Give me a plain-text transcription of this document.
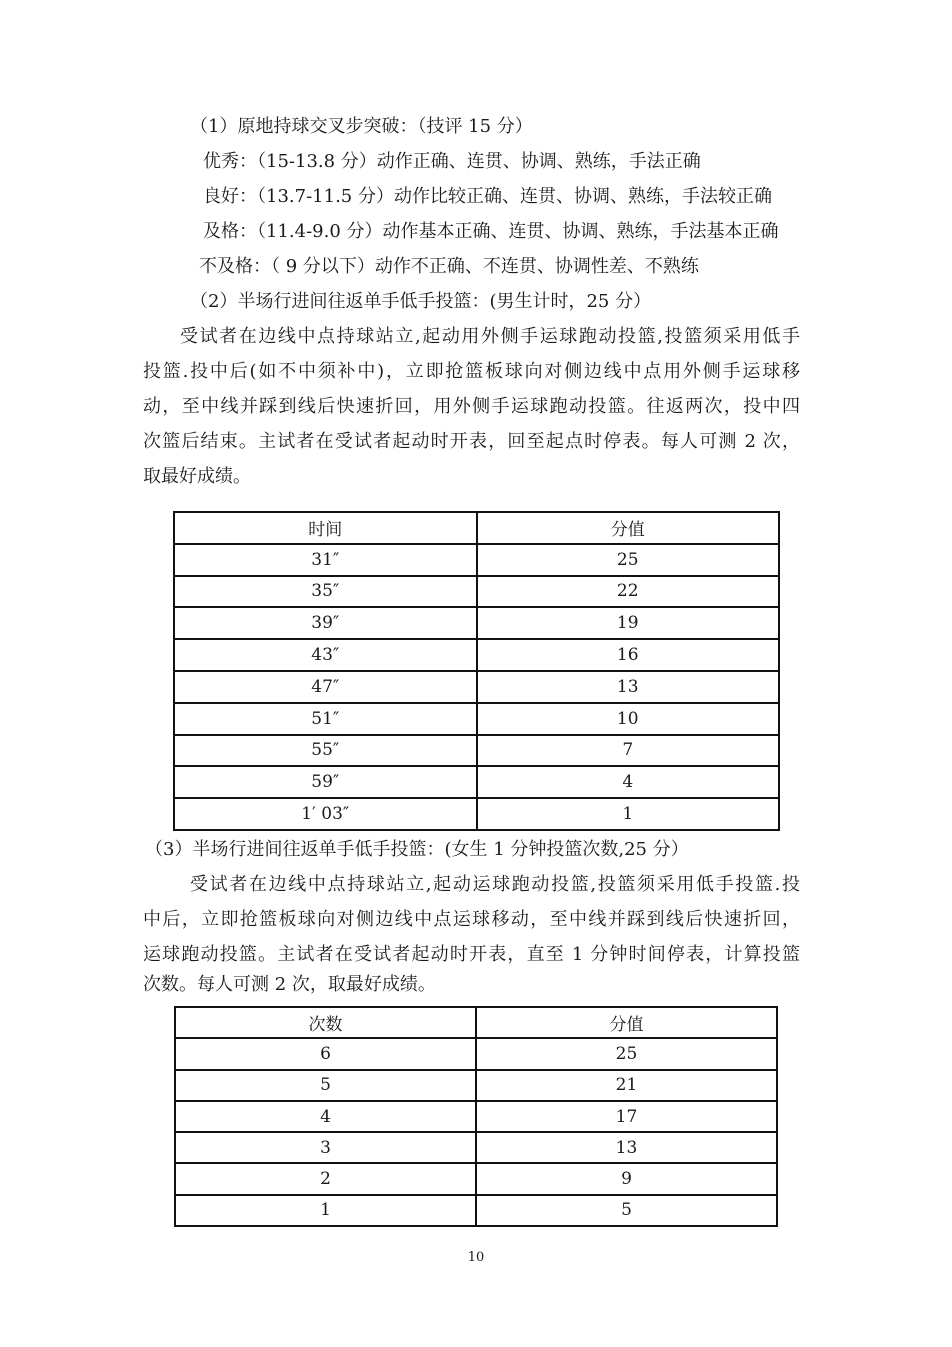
（1）原地持球交叉步突破：（技评 15 分）
优秀：（15-13.8 分）动作正确、连贯、协调、熟练，手法正确
良好：（13.7-11.5 分）动作比较正确、连贯、协调、熟练，手法较正确
及格：（11.4-9.0 分）动作基本正确、连贯、协调、熟练，手法基本正确
不及格：（ 9 分以下）动作不正确、不连贯、协调性差、不熟练
（2）半场行进间往返单手低手投篮：(男生计时，25 分）
受试者在边线中点持球站立,起动用外侧手运球跑动投篮,投篮须采用低手
投篮.投中后(如不中须补中)，立即抢篮板球向对侧边线中点用外侧手运球移
动，至中线并踩到线后快速折回，用外侧手运球跑动投篮。往返两次，投中四
次篮后结束。主试者在受试者起动时开表，回至起点时停表。每人可测 2 次，
取最好成绩。
时间	分值
31″	25
35″	22
39″	19
43″	16
47″	13
51″	10
55″	7
59″	4
1′ 03″	1
（3）半场行进间往返单手低手投篮：(女生 1 分钟投篮次数,25 分）
受试者在边线中点持球站立,起动运球跑动投篮,投篮须采用低手投篮.投
中后，立即抢篮板球向对侧边线中点运球移动，至中线并踩到线后快速折回，
运球跑动投篮。主试者在受试者起动时开表，直至 1 分钟时间停表，计算投篮
次数。每人可测 2 次，取最好成绩。
次数	分值
6	25
5	21
4	17
3	13
2	9
1	5
10
